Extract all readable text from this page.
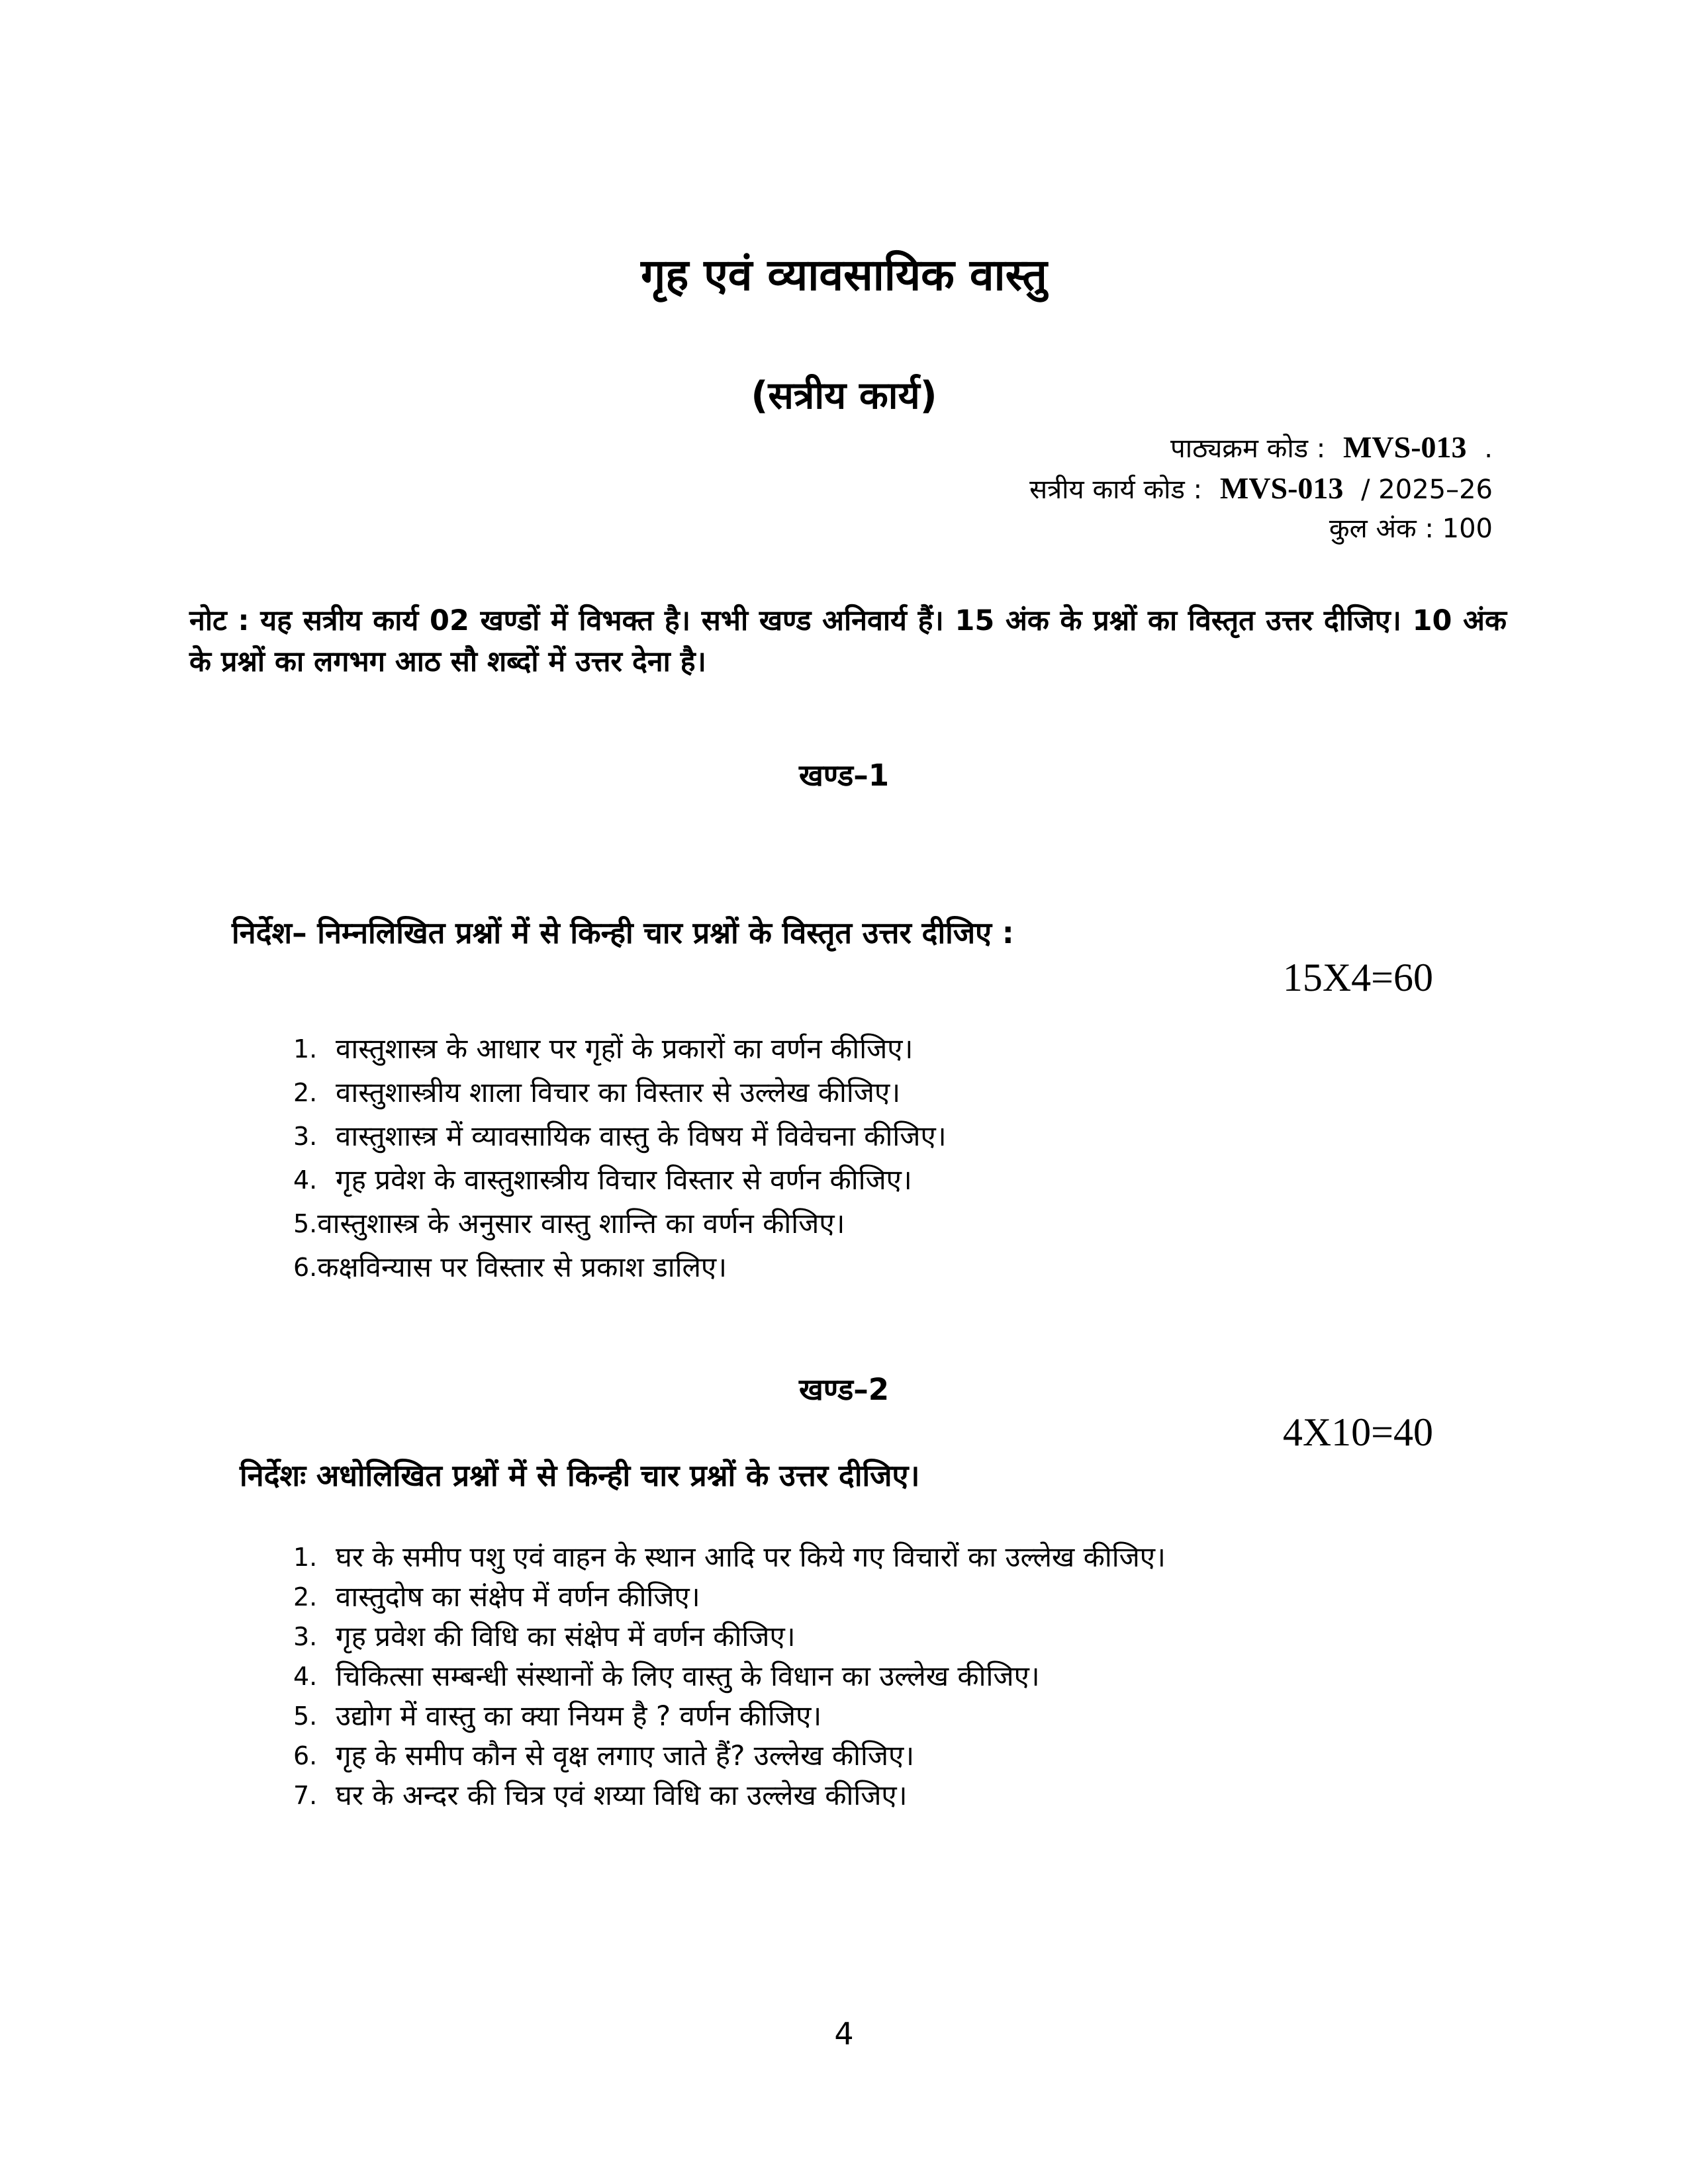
गृह एवं व्यावसायिक वास्तु
(सत्रीय कार्य)
पाठ्यक्रम कोड : MVS-013 .
सत्रीय कार्य कोड : MVS-013 / 2025–26
कुल अंक : 100

नोट : यह सत्रीय कार्य 02 खण्डों में विभक्त है। सभी खण्ड अनिवार्य हैं। 15 अंक के प्रश्नों का विस्तृत उत्तर दीजिए। 10 अंक के प्रश्नों का लगभग आठ सौ शब्दों में उत्तर देना है।

खण्ड–1

निर्देश– निम्नलिखित प्रश्नों में से किन्ही चार प्रश्नों के विस्तृत उत्तर दीजिए :

15X4=60
1. वास्तुशास्त्र के आधार पर गृहों के प्रकारों का वर्णन कीजिए।
2. वास्तुशास्त्रीय शाला विचार का विस्तार से उल्लेख कीजिए।
3. वास्तुशास्त्र में व्यावसायिक वास्तु के विषय में विवेचना कीजिए।
4. गृह प्रवेश के वास्तुशास्त्रीय विचार विस्तार से वर्णन कीजिए।
5. वास्तुशास्त्र के अनुसार वास्तु शान्ति का वर्णन कीजिए।
6. कक्षविन्यास पर विस्तार से प्रकाश डालिए।
खण्ड–2
4X10=40

निर्देशः अधोलिखित प्रश्नों में से किन्ही चार प्रश्नों के उत्तर दीजिए।

1. घर के समीप पशु एवं वाहन के स्थान आदि पर किये गए विचारों का उल्लेख कीजिए।
2. वास्तुदोष का संक्षेप में वर्णन कीजिए।
3. गृह प्रवेश की विधि का संक्षेप में वर्णन कीजिए।
4. चिकित्सा सम्बन्धी संस्थानों के लिए वास्तु के विधान का उल्लेख कीजिए।
5. उद्योग में वास्तु का क्या नियम है ? वर्णन कीजिए।
6. गृह के समीप कौन से वृक्ष लगाए जाते हैं? उल्लेख कीजिए।
7. घर के अन्दर की चित्र एवं शय्या विधि का उल्लेख कीजिए।
4
